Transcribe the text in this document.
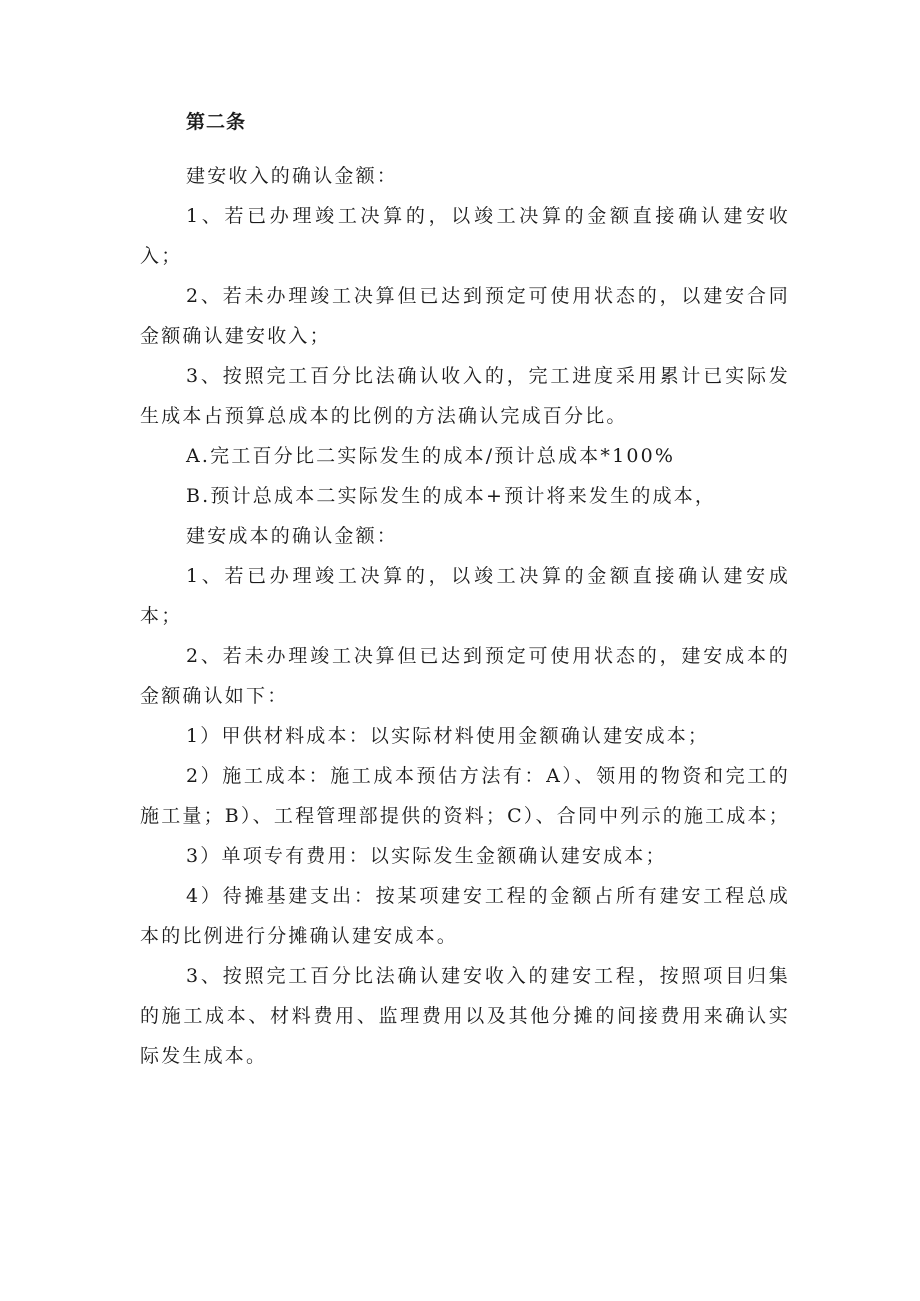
第二条

建安收入的确认金额：

1、若已办理竣工决算的，以竣工决算的金额直接确认建安收入；

2、若未办理竣工决算但已达到预定可使用状态的，以建安合同金额确认建安收入；

3、按照完工百分比法确认收入的，完工进度采用累计已实际发生成本占预算总成本的比例的方法确认完成百分比。

A.完工百分比二实际发生的成本/预计总成本*100%

B.预计总成本二实际发生的成本+预计将来发生的成本，

建安成本的确认金额：

1、若已办理竣工决算的，以竣工决算的金额直接确认建安成本；

2、若未办理竣工决算但已达到预定可使用状态的，建安成本的金额确认如下：

1）甲供材料成本：以实际材料使用金额确认建安成本；

2）施工成本：施工成本预估方法有：A）、领用的物资和完工的施工量；B）、工程管理部提供的资料；C）、合同中列示的施工成本；

3）单项专有费用：以实际发生金额确认建安成本；

4）待摊基建支出：按某项建安工程的金额占所有建安工程总成本的比例进行分摊确认建安成本。

3、按照完工百分比法确认建安收入的建安工程，按照项目归集的施工成本、材料费用、监理费用以及其他分摊的间接费用来确认实际发生成本。
